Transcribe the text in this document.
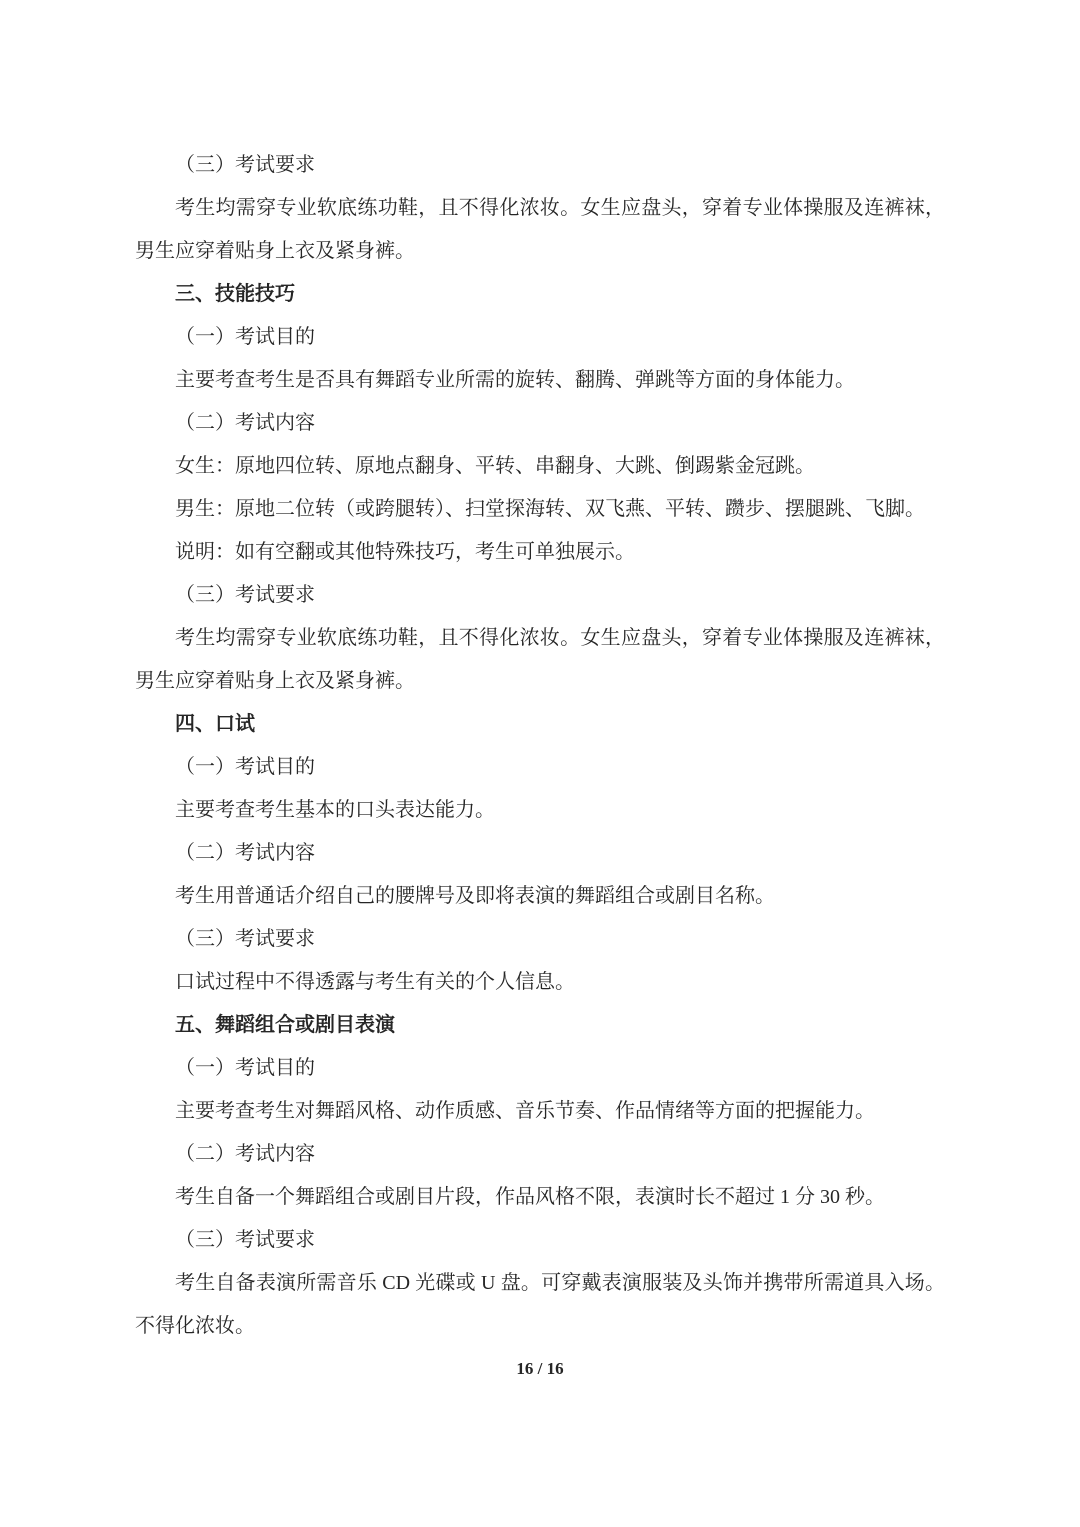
（三）考试要求

考生均需穿专业软底练功鞋，且不得化浓妆。女生应盘头，穿着专业体操服及连裤袜，男生应穿着贴身上衣及紧身裤。

三、技能技巧

（一）考试目的

主要考查考生是否具有舞蹈专业所需的旋转、翻腾、弹跳等方面的身体能力。

（二）考试内容

女生：原地四位转、原地点翻身、平转、串翻身、大跳、倒踢紫金冠跳。

男生：原地二位转（或跨腿转）、扫堂探海转、双飞燕、平转、躜步、摆腿跳、飞脚。

说明：如有空翻或其他特殊技巧，考生可单独展示。

（三）考试要求

考生均需穿专业软底练功鞋，且不得化浓妆。女生应盘头，穿着专业体操服及连裤袜，男生应穿着贴身上衣及紧身裤。

四、口试

（一）考试目的

主要考查考生基本的口头表达能力。

（二）考试内容

考生用普通话介绍自己的腰牌号及即将表演的舞蹈组合或剧目名称。

（三）考试要求

口试过程中不得透露与考生有关的个人信息。

五、舞蹈组合或剧目表演

（一）考试目的

主要考查考生对舞蹈风格、动作质感、音乐节奏、作品情绪等方面的把握能力。

（二）考试内容

考生自备一个舞蹈组合或剧目片段，作品风格不限，表演时长不超过 1 分 30 秒。

（三）考试要求

考生自备表演所需音乐 CD 光碟或 U 盘。可穿戴表演服装及头饰并携带所需道具入场。不得化浓妆。

16 / 16
